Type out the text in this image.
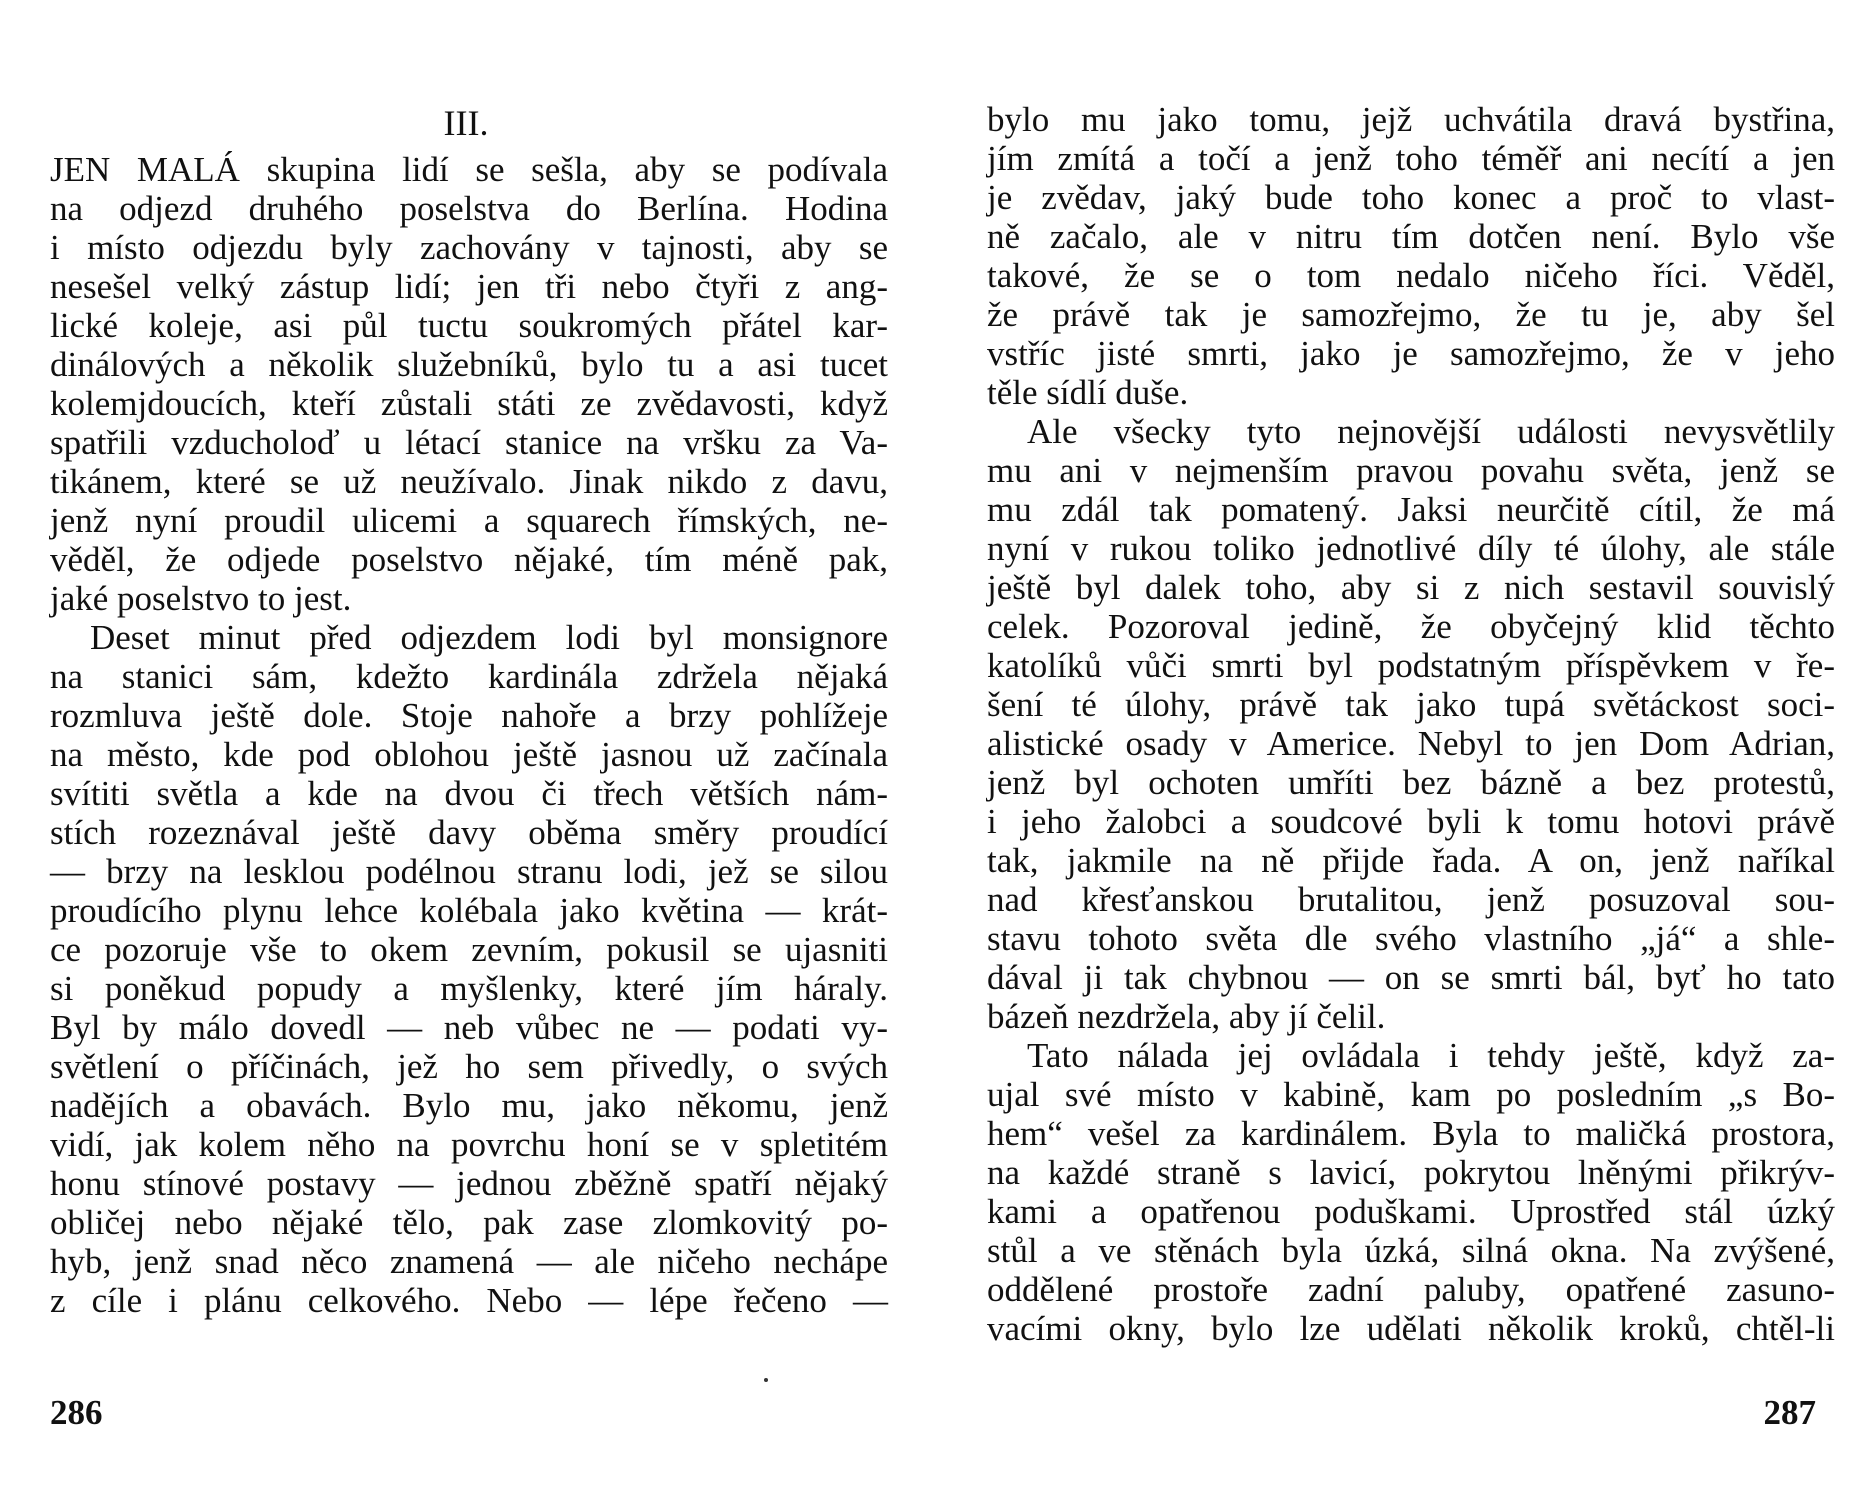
III.
JEN MALÁ skupina lidí se sešla, aby se podívala
na odjezd druhého poselstva do Berlína. Hodina
i místo odjezdu byly zachovány v tajnosti, aby se
nesešel velký zástup lidí; jen tři nebo čtyři z ang-
lické koleje, asi půl tuctu soukromých přátel kar-
dinálových a několik služebníků, bylo tu a asi tucet
kolemjdoucích, kteří zůstali státi ze zvědavosti, když
spatřili vzducholoď u létací stanice na vršku za Va-
tikánem, které se už neužívalo. Jinak nikdo z davu,
jenž nyní proudil ulicemi a squarech římských, ne-
věděl, že odjede poselstvo nějaké, tím méně pak,
jaké poselstvo to jest.
Deset minut před odjezdem lodi byl monsignore
na stanici sám, kdežto kardinála zdržela nějaká
rozmluva ještě dole. Stoje nahoře a brzy pohlížeje
na město, kde pod oblohou ještě jasnou už začínala
svítiti světla a kde na dvou či třech větších nám-
stích rozeznával ještě davy oběma směry proudící
— brzy na lesklou podélnou stranu lodi, jež se silou
proudícího plynu lehce kolébala jako květina — krát-
ce pozoruje vše to okem zevním, pokusil se ujasniti
si poněkud popudy a myšlenky, které jím háraly.
Byl by málo dovedl — neb vůbec ne — podati vy-
světlení o příčinách, jež ho sem přivedly, o svých
nadějích a obavách. Bylo mu, jako někomu, jenž
vidí, jak kolem něho na povrchu honí se v spletitém
honu stínové postavy — jednou zběžně spatří nějaký
obličej nebo nějaké tělo, pak zase zlomkovitý po-
hyb, jenž snad něco znamená — ale ničeho nechápe
z cíle i plánu celkového. Nebo — lépe řečeno —
286
bylo mu jako tomu, jejž uchvátila dravá bystřina,
jím zmítá a točí a jenž toho téměř ani necítí a jen
je zvědav, jaký bude toho konec a proč to vlast-
ně začalo, ale v nitru tím dotčen není. Bylo vše
takové, že se o tom nedalo ničeho říci. Věděl,
že právě tak je samozřejmo, že tu je, aby šel
vstříc jisté smrti, jako je samozřejmo, že v jeho
těle sídlí duše.
Ale všecky tyto nejnovější události nevysvětlily
mu ani v nejmenším pravou povahu světa, jenž se
mu zdál tak pomatený. Jaksi neurčitě cítil, že má
nyní v rukou toliko jednotlivé díly té úlohy, ale stále
ještě byl dalek toho, aby si z nich sestavil souvislý
celek. Pozoroval jedině, že obyčejný klid těchto
katolíků vůči smrti byl podstatným příspěvkem v ře-
šení té úlohy, právě tak jako tupá světáckost soci-
alistické osady v Americe. Nebyl to jen Dom Adrian,
jenž byl ochoten umříti bez bázně a bez protestů,
i jeho žalobci a soudcové byli k tomu hotovi právě
tak, jakmile na ně přijde řada. A on, jenž naříkal
nad křesťanskou brutalitou, jenž posuzoval sou-
stavu tohoto světa dle svého vlastního „já“ a shle-
dával ji tak chybnou — on se smrti bál, byť ho tato
bázeň nezdržela, aby jí čelil.
Tato nálada jej ovládala i tehdy ještě, když za-
ujal své místo v kabině, kam po posledním „s Bo-
hem“ vešel za kardinálem. Byla to maličká prostora,
na každé straně s lavicí, pokrytou lněnými přikrýv-
kami a opatřenou poduškami. Uprostřed stál úzký
stůl a ve stěnách byla úzká, silná okna. Na zvýšené,
oddělené prostoře zadní paluby, opatřené zasuno-
vacími okny, bylo lze udělati několik kroků, chtěl-li
287
